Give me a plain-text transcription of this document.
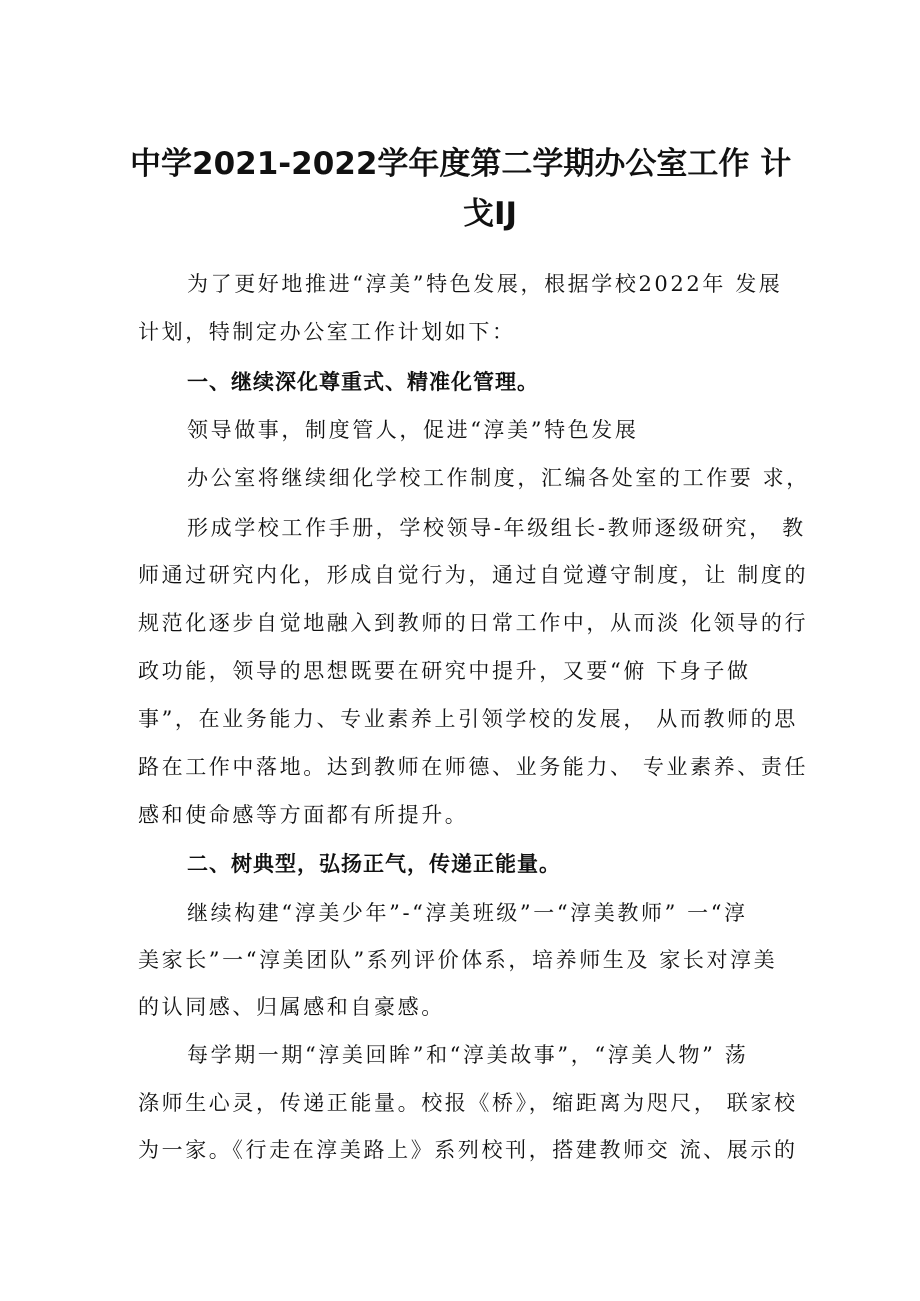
中学2021-2022学年度第二学期办公室工作 计
戈IJ
为了更好地推进“淳美”特色发展，根据学校2022年 发展
计划，特制定办公室工作计划如下：
一、继续深化尊重式、精准化管理。
领导做事，制度管人，促进“淳美”特色发展
办公室将继续细化学校工作制度，汇编各处室的工作要 求，
形成学校工作手册，学校领导-年级组长-教师逐级研究， 教
师通过研究内化，形成自觉行为，通过自觉遵守制度，让 制度的
规范化逐步自觉地融入到教师的日常工作中，从而淡 化领导的行
政功能，领导的思想既要在研究中提升，又要“俯 下身子做
事”，在业务能力、专业素养上引领学校的发展， 从而教师的思
路在工作中落地。达到教师在师德、业务能力、 专业素养、责任
感和使命感等方面都有所提升。
二、树典型，弘扬正气，传递正能量。
继续构建“淳美少年”-“淳美班级”一“淳美教师” 一“淳
美家长”一“淳美团队”系列评价体系，培养师生及 家长对淳美
的认同感、归属感和自豪感。
每学期一期“淳美回眸”和“淳美故事”，“淳美人物” 荡
涤师生心灵，传递正能量。校报《桥》，缩距离为咫尺， 联家校
为一家。《行走在淳美路上》系列校刊，搭建教师交 流、展示的
